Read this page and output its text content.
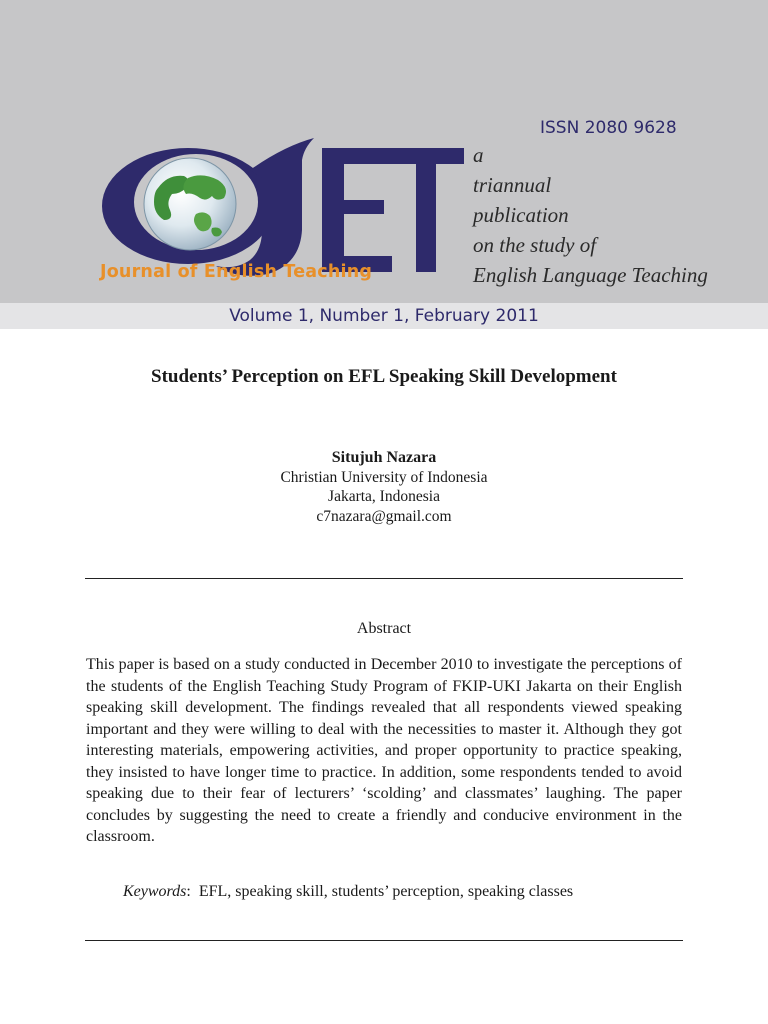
ISSN 2080 9628
a
triannual
publication
on the study of
English Language Teaching
Journal of English Teaching
Volume 1, Number 1, February 2011
Students’ Perception on EFL Speaking Skill Development
Situjuh Nazara
Christian University of Indonesia
Jakarta, Indonesia
c7nazara@gmail.com
Abstract
This paper is based on a study conducted in December 2010 to investigate the perceptions of the students of the English Teaching Study Program of FKIP-UKI Jakarta on their English speaking skill development. The findings revealed that all respondents viewed speaking important and they were willing to deal with the necessities to master it. Although they got interesting materials, empowering activities, and proper opportunity to practice speaking, they insisted to have longer time to practice. In addition, some respondents tended to avoid speaking due to their fear of lecturers’ ‘scolding’ and classmates’ laughing. The paper concludes by suggesting the need to create a friendly and conducive environment in the classroom.
Keywords:  EFL, speaking skill, students’ perception, speaking classes
